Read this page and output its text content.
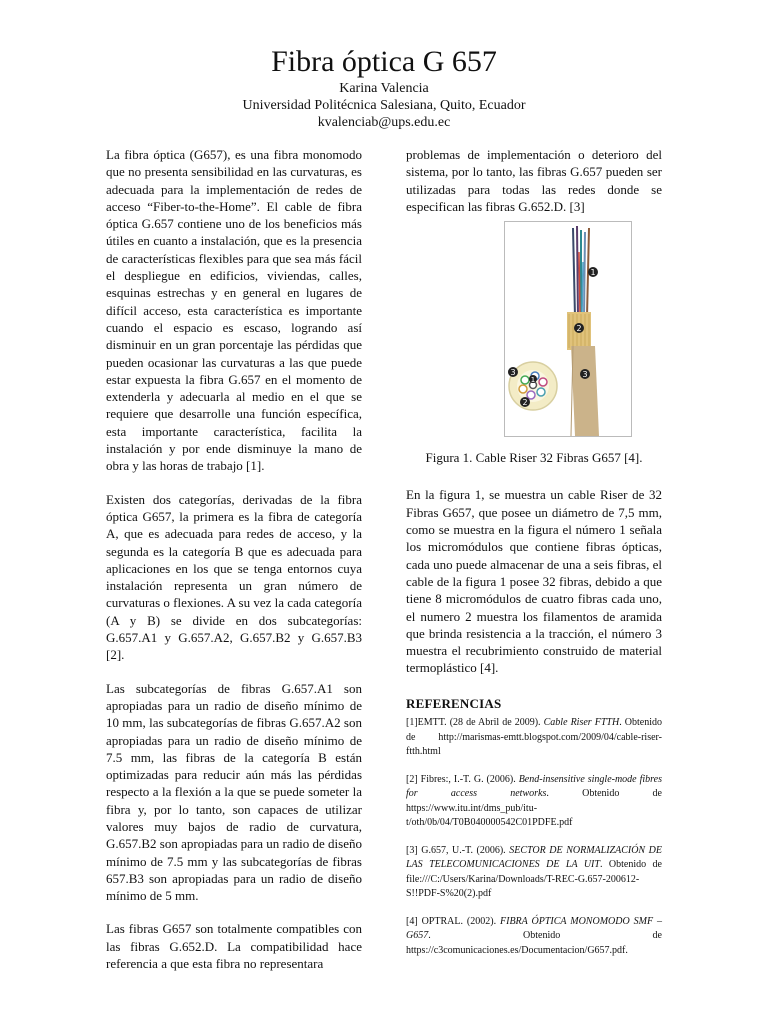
Fibra óptica G 657

Karina Valencia

Universidad Politécnica Salesiana, Quito, Ecuador

kvalenciab@ups.edu.ec

La fibra óptica (G657), es una fibra monomodo que no presenta sensibilidad en las curvaturas, es adecuada para la implementación de redes de acceso “Fiber-to-the-Home”. El cable de fibra óptica G.657 contiene uno de los beneficios más útiles en cuanto a instalación, que es la presencia de características flexibles para que sea más fácil el despliegue en edificios, viviendas, calles, esquinas estrechas y en general en lugares de difícil acceso, esta característica es importante cuando el espacio es escaso, logrando así disminuir en un gran porcentaje las pérdidas que pueden ocasionar las curvaturas a las que puede estar expuesta la fibra G.657 en el momento de extenderla y adecuarla al medio en el que se requiere que desarrolle una función específica, esta importante característica, facilita la instalación y por ende disminuye la mano de obra y las horas de trabajo [1].

Existen dos categorías, derivadas de la fibra óptica G657, la primera es la fibra de categoría A, que es adecuada para redes de acceso, y la segunda es la categoría B que es adecuada para aplicaciones en los que se tenga entornos cuya instalación representa un gran número de curvaturas o flexiones. A su vez la cada categoría (A y B) se divide en dos subcategorías: G.657.A1 y G.657.A2, G.657.B2 y G.657.B3 [2].

Las subcategorías de fibras G.657.A1 son apropiadas para un radio de diseño mínimo de 10 mm, las subcategorías de fibras G.657.A2 son apropiadas para un radio de diseño mínimo de 7.5 mm, las fibras de la categoría B están optimizadas para reducir aún más las pérdidas respecto a la flexión a la que se puede someter la fibra y, por lo tanto, son capaces de utilizar valores muy bajos de radio de curvatura, G.657.B2 son apropiadas para un radio de diseño mínimo de 7.5 mm y las subcategorías de fibras 657.B3 son apropiadas para un radio de diseño mínimo de 5 mm.

Las fibras G657 son totalmente compatibles con las fibras G.652.D. La compatibilidad hace referencia a que esta fibra no representara

problemas de implementación o deterioro del sistema, por lo tanto, las fibras G.657 pueden ser utilizadas para todas las redes donde se especifican las fibras G.652.D. [3]

1
2
3
3
1
2
Figura 1. Cable Riser 32 Fibras G657 [4].

En la figura 1, se muestra un cable Riser de 32 Fibras G657, que posee un diámetro de 7,5 mm, como se muestra en la figura el número 1 señala los micromódulos que contiene fibras ópticas, cada uno puede almacenar de una a seis fibras, el cable de la figura 1 posee 32 fibras, debido a que tiene 8 micromódulos de cuatro fibras cada uno, el numero 2 muestra los filamentos de aramida que brinda resistencia a la tracción, el número 3 muestra el recubrimiento construido de material termoplástico [4].

REFERENCIAS
[1]EMTT. (28 de Abril de 2009). Cable Riser FTTH. Obtenido de http://marismas-emtt.blogspot.com/2009/04/cable-riser-ftth.html
[2] Fibres:, I.-T. G. (2006). Bend-insensitive single-mode fibres for access networks. Obtenido de https://www.itu.int/dms_pub/itu-t/oth/0b/04/T0B040000542C01PDFE.pdf
[3] G.657, U.-T. (2006). SECTOR DE NORMALIZACIÓN DE LAS TELECOMUNICACIONES DE LA UIT. Obtenido de file:///C:/Users/Karina/Downloads/T-REC-G.657-200612-S!!PDF-S%20(2).pdf
[4] OPTRAL. (2002). FIBRA ÓPTICA MONOMODO SMF – G657. Obtenido de https://c3comunicaciones.es/Documentacion/G657.pdf.
